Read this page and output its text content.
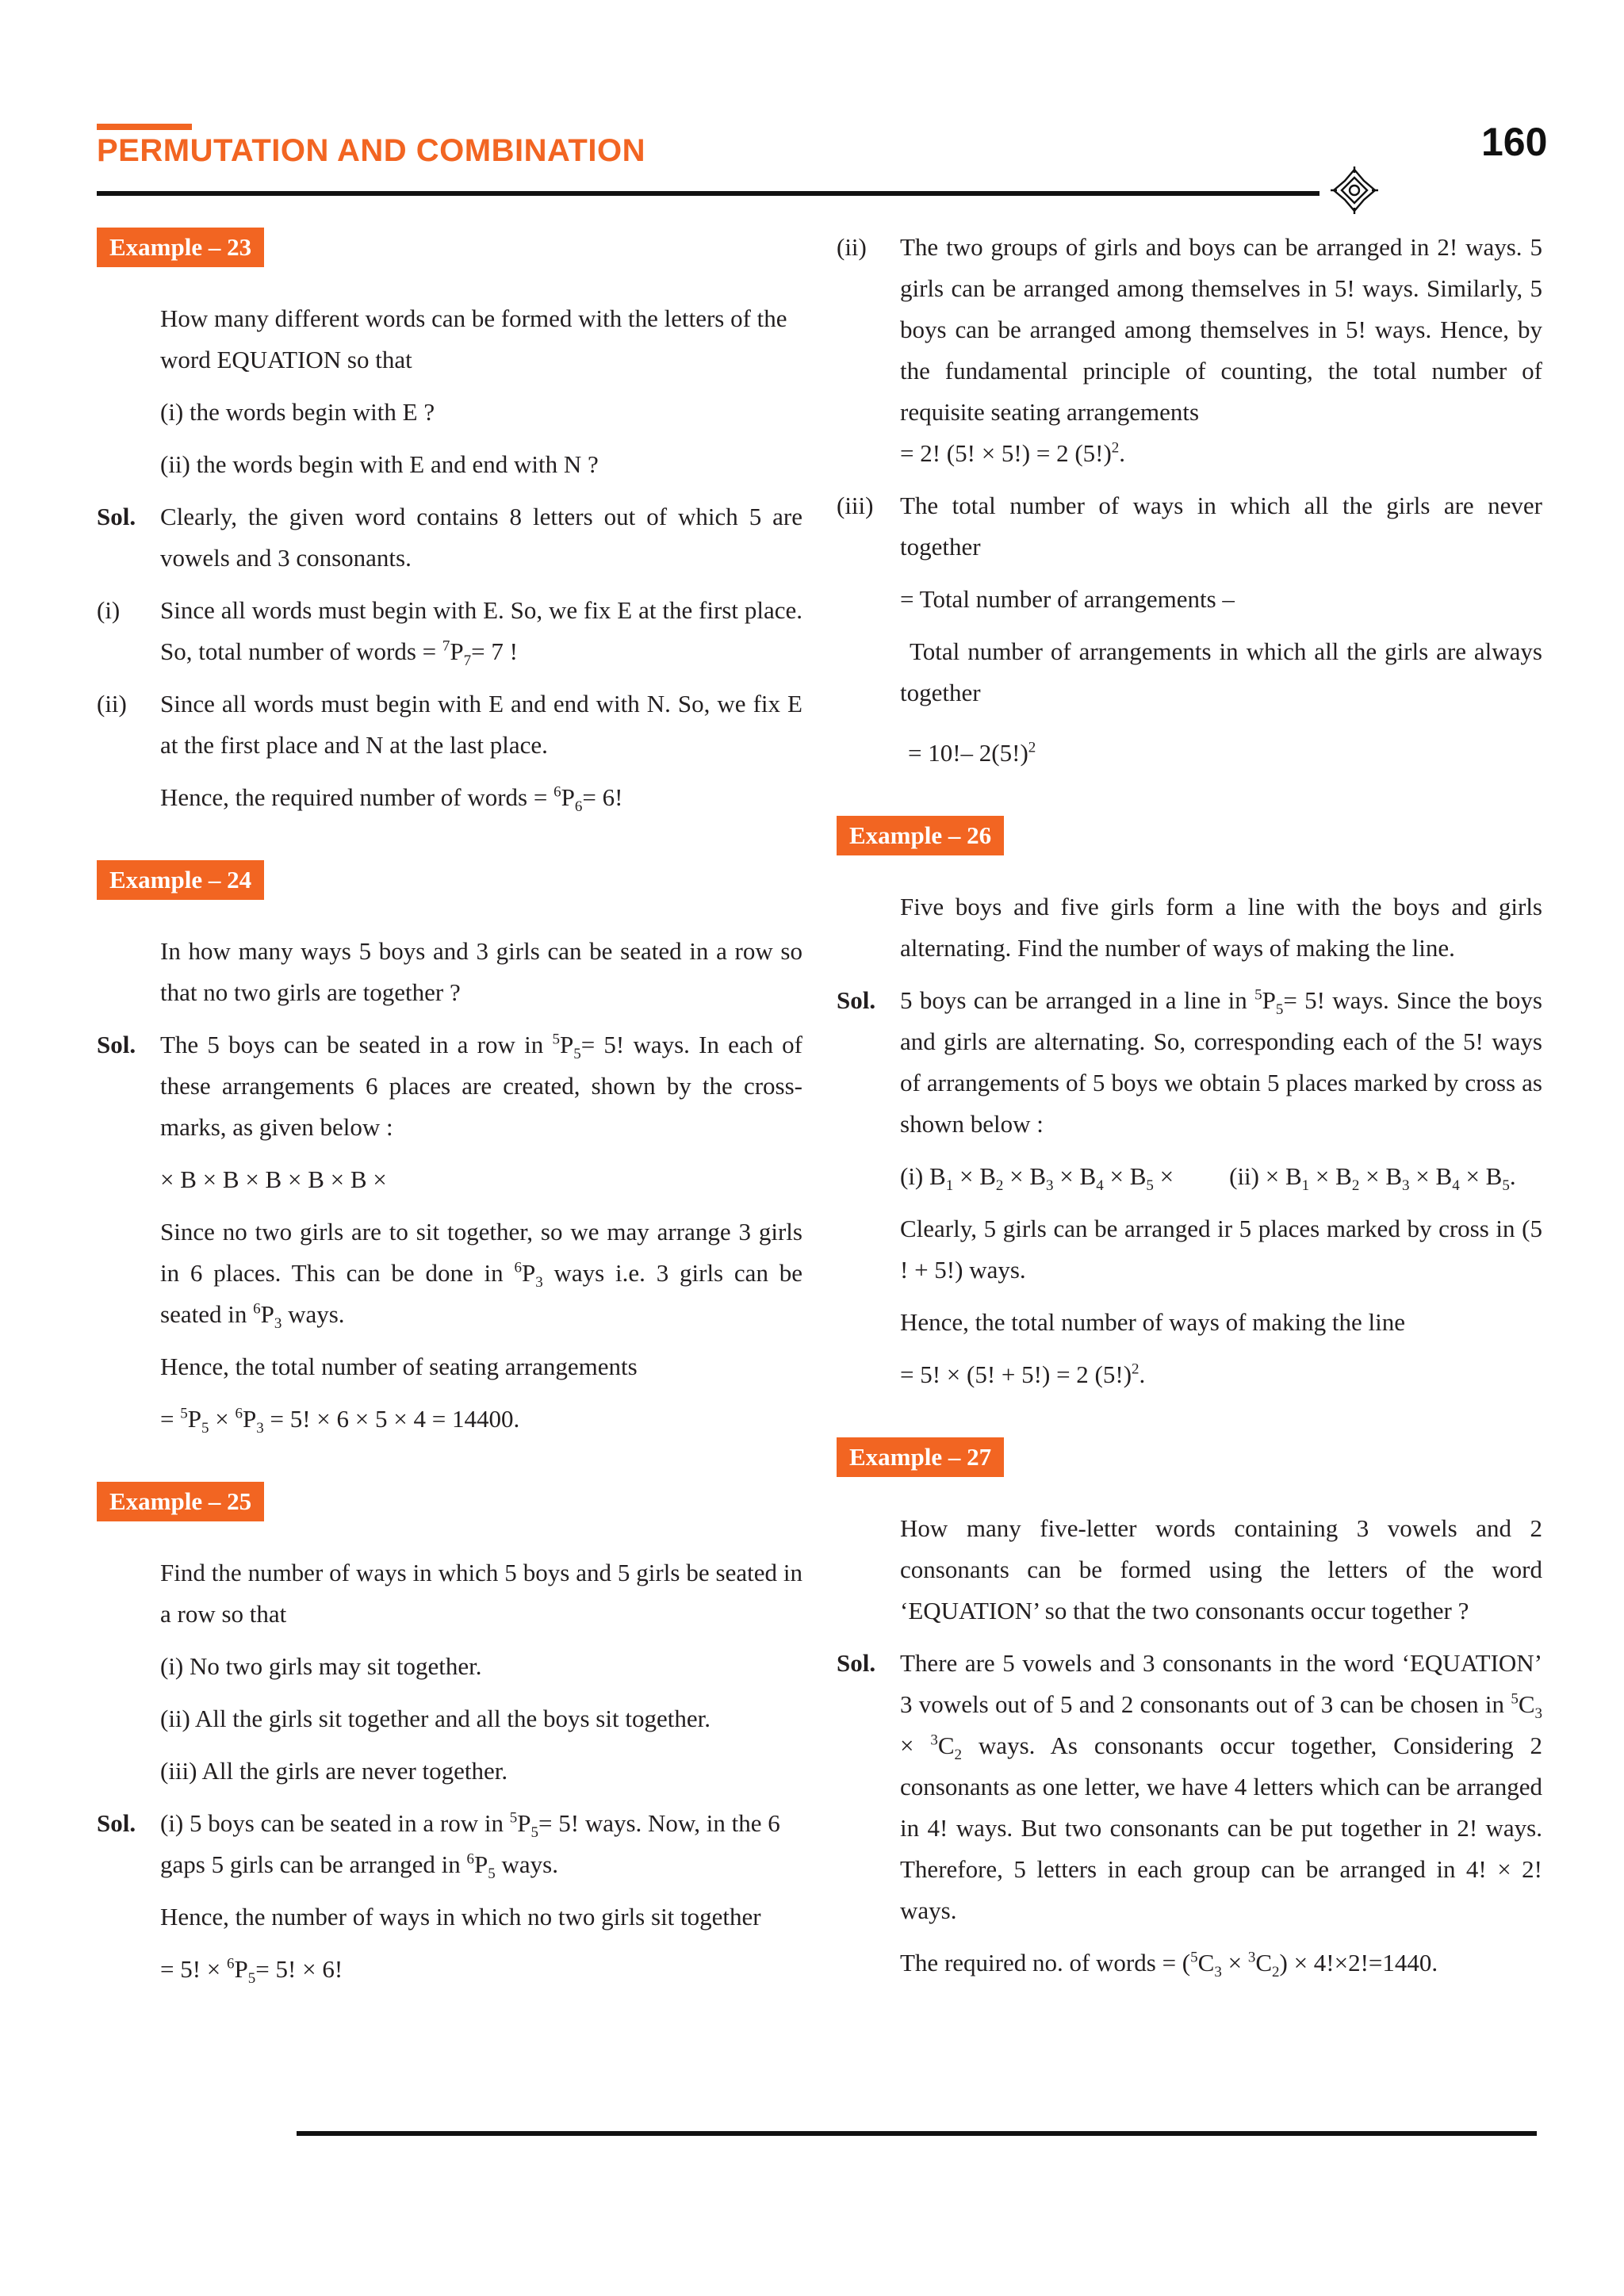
PERMUTATION AND COMBINATION	160
Example – 23

How many different words can be formed with the letters of the word EQUATION so that

(i) the words begin with E ?

(ii) the words begin with E and end with N ?

Sol. Clearly, the given word contains 8 letters out of which 5 are vowels and 3 consonants.
(i) Since all words must begin with E. So, we fix E at the first place. So, total number of words = $^7P_7= 7$ !
(ii) Since all words must begin with E and end with N. So, we fix E at the first place and N at the last place.

Hence, the required number of words = $^6P_6= 6$!

Example – 24

In how many ways 5 boys and 3 girls can be seated in a row so that no two girls are together ?

Sol. The 5 boys can be seated in a row in $^5P_5= 5$! ways. In each of these arrangements 6 places are created, shown by the cross-marks, as given below :

× B × B × B × B × B ×

Since no two girls are to sit together, so we may arrange 3 girls in 6 places. This can be done in $^6P_3$ ways i.e. 3 girls can be seated in $^6P_3$ ways.

Hence, the total number of seating arrangements

= $^5P_5 \times ^6P_3 = 5$! × 6 × 5 × 4 = 14400.

Example – 25

Find the number of ways in which 5 boys and 5 girls be seated in a row so that

(i) No two girls may sit together.

(ii) All the girls sit together and all the boys sit together.

(iii) All the girls are never together.

Sol. (i) 5 boys can be seated in a row in $^5P_5= 5$! ways. Now, in the 6 gaps 5 girls can be arranged in $^6P_5$ ways.

Hence, the number of ways in which no two girls sit together

= 5! × $^6P_5= 5$! × 6!

(ii) The two groups of girls and boys can be arranged in 2! ways. 5 girls can be arranged among themselves in 5! ways. Similarly, 5 boys can be arranged among themselves in 5! ways. Hence, by the fundamental principle of counting, the total number of requisite seating arrangements
= 2! (5! × 5!) = 2 $(5!)^2$.
(iii) The total number of ways in which all the girls are never together

= Total number of arrangements –

Total number of arrangements in which all the girls are always together

= 10!– $2(5!)^2$

Example – 26

Five boys and five girls form a line with the boys and girls alternating. Find the number of ways of making the line.

Sol. 5 boys can be arranged in a line in $^5P_5= 5$! ways. Since the boys and girls are alternating. So, corresponding each of the 5! ways of arrangements of 5 boys we obtain 5 places marked by cross as shown below :

(i) $B_1 \times B_2 \times B_3 \times B_4 \times B_5 \times (ii) \times B_1 \times B_2 \times B_3 \times B_4 \times B_5$.

Clearly, 5 girls can be arranged ir 5 places marked by cross in (5 ! + 5!) ways.

Hence, the total number of ways of making the line

= 5! × (5! + 5!) = 2 $(5!)^2$.

Example – 27

How many five-letter words containing 3 vowels and 2 consonants can be formed using the letters of the word ‘EQUATION’ so that the two consonants occur together ?

Sol. There are 5 vowels and 3 consonants in the word ‘EQUATION’ 3 vowels out of 5 and 2 consonants out of 3 can be chosen in $^5C_3 \times ^3C_2$ ways. As consonants occur together, Considering 2 consonants as one letter, we have 4 letters which can be arranged in 4! ways. But two consonants can be put together in 2! ways. Therefore, 5 letters in each group can be arranged in 4! × 2! ways.

The required no. of words = $(^5C_3 \times ^3C_2) \times 4!\times 2!=1440$.
